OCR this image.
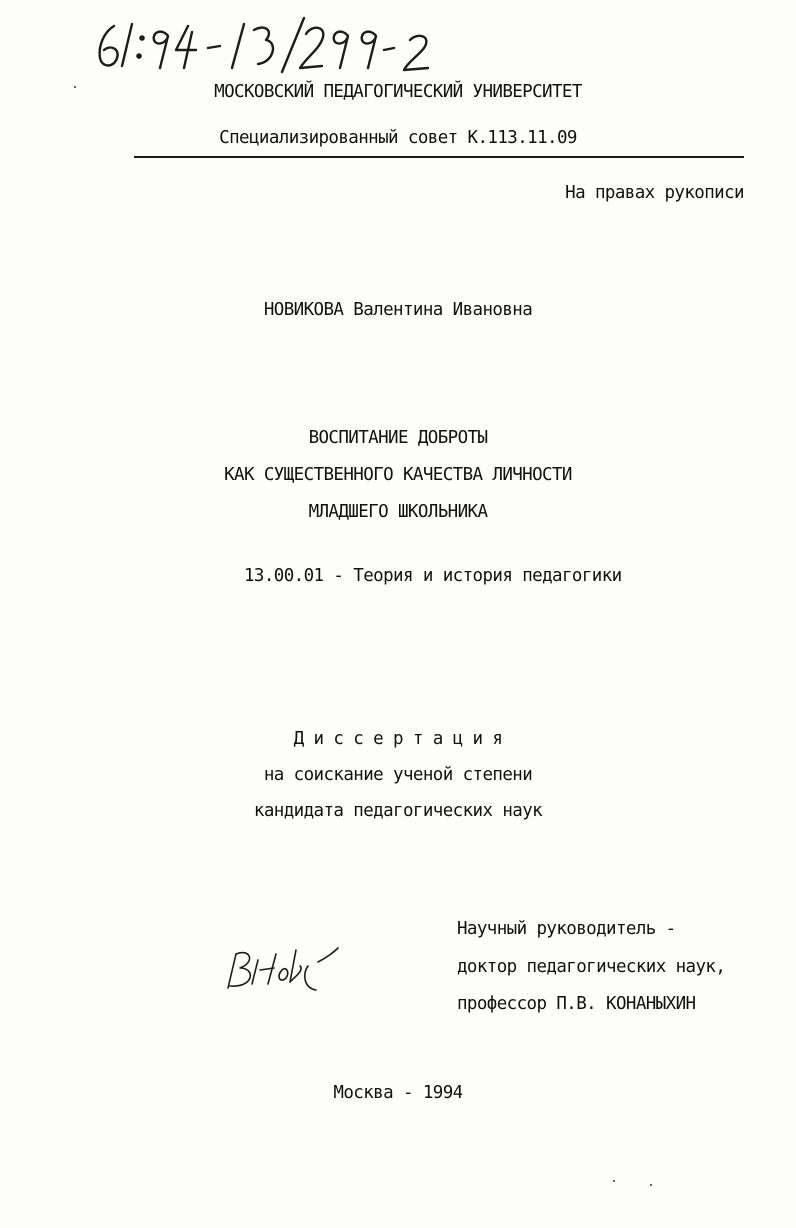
МОСКОВСКИЙ ПЕДАГОГИЧЕСКИЙ УНИВЕРСИТЕТ
Специализированный совет К.113.11.09
На правах рукописи
НОВИКОВА Валентина Ивановна
ВОСПИТАНИЕ ДОБРОТЫ
КАК СУЩЕСТВЕННОГО КАЧЕСТВА ЛИЧНОСТИ
МЛАДШЕГО ШКОЛЬНИКА
13.00.01 - Теория и история педагогики
Д и с с е р т а ц и я
на соискание ученой степени
кандидата педагогических наук
Научный руководитель -
доктор педагогических наук,
профессор П.В. КОНАНЫХИН
Москва - 1994
